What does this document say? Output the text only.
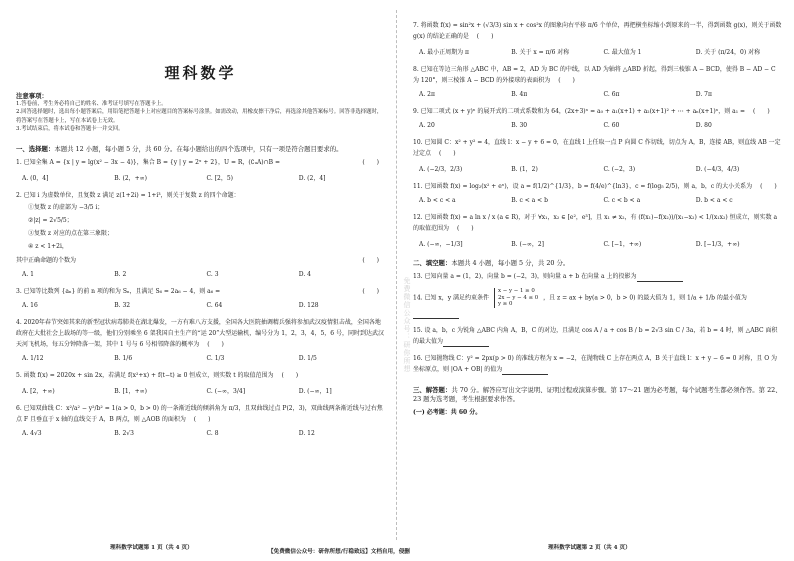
理科数学
注意事项：

1.答卷前，考生务必将自己的姓名、准考证号填写在答题卡上。

2.回答选择题时，选出每小题答案后，用铅笔把答题卡上对应题目的答案标号涂黑。如需改动，用橡皮擦干净后，再选涂其他答案标号。回答非选择题时，将答案写在答题卡上，写在本试卷上无效。

3.考试结束后，将本试卷和答题卡一并交回。

一、选择题：本题共 12 小题，每小题 5 分，共 60 分。在每小题给出的四个选项中，只有一项是符合题目要求的。
1. 已知全集 A = {x | y = lg(x² − 3x − 4)}，集合 B = {y | y = 2ˣ + 2}，U = R，(∁ᵤA)∩B =	(　　)
A. (0，4]	B. (2，+∞)	C. [2，5)	D. (2，4]
2. 已知 i 为虚数单位，且复数 z 满足 z(1+2i) = 1+i³，则关于复数 z 的四个命题：
①复数 z 的虚部为 −3/5 i；
②|z| = 2√5/5；
③复数 z 对应的点在第三象限；
④ z < 1+2i，
其中正确命题的个数为	(　　)
A. 1	B. 2	C. 3	D. 4
3. 已知等比数列 {aₙ} 的前 n 项的和为 Sₙ，且满足 S₆ = 2a₆ − 4，则 a₆ =	(　　)
A. 16	B. 32	C. 64	D. 128
4. 2020年春节突如其来的新型冠状病毒肺炎在湖北爆发，一方有难八方支援，全国各大医院抽调精兵强将参加武汉疫情狙击战，全国各地政府在大批社会上载场的等一级，他们分别乘坐 6 架我国自主生产的“运 20”大型运输机，编号分为 1，2，3，4，5，6 号，同时到达武汉天河飞机场，每五分钟降落一架，其中 1 号与 6 号相邻降落的概率为 (　　)
A. 1/12	B. 1/6	C. 1/3	D. 1/5
5. 函数 f(x) = 2020x + sin 2x，若满足 f(x²+x) + f(t−t) ≥ 0 恒成立，则实数 t 的取值范围为 (　　)
A. [2，+∞)	B. [1，+∞)	C. (−∞，3/4]	D. (−∞，1]
6. 已知双曲线 C：x²/a² − y²/b² = 1(a > 0，b > 0) 的一条渐近线的倾斜角为 π/3，且双曲线过点 P(2，3)，双曲线两条渐近线与过右焦点 F 且垂直于 x 轴的直线交于 A，B 两点，则 △AOB 的面积为 (　　)
A. 4√3	B. 2√3	C. 8	D. 12
免费微信公众号：研你所想
7. 将函数 f(x) = sin²x + (√3/3) sin x + cos²x 的图象向右平移 π/6 个单位，再把横坐标缩小到原来的一半，得到函数 g(x)，则关于函数 g(x) 的结论正确的是 (　　)
A. 最小正周期为 π	B. 关于 x = π/6 对称	C. 最大值为 1	D. 关于 (π/24，0) 对称
8. 已知在等边三角形 △ABC 中，AB = 2，AD 为 BC 的中线，以 AD 为轴将 △ABD 折起，得到三棱锥 A − BCD，使得 B − AD − C 为 120°，则三棱锥 A − BCD 的外接球的表面积为 (　　)
A. 2π	B. 4π	C. 6π	D. 7π
9. 已知二项式 (x + y)ⁿ 的展开式的二项式系数和为 64，(2x+3)ⁿ = a₀ + a₁(x+1) + a₂(x+1)² + ⋯ + aₙ(x+1)ⁿ，则 a₁ = (　　)
A. 20	B. 30	C. 60	D. 80
10. 已知圆 C：x² + y² = 4，直线 l：x − y + 6 = 0，在直线 l 上任取一点 P 向圆 C 作切线，切点为 A，B，连接 AB，则直线 AB 一定过定点 (　　)
A. (−2/3，2/3)	B. (1，2)	C. (−2，3)	D. (−4/3，4/3)
11. 已知函数 f(x) = log₂(x² + eˣ)，设 a = f(1/2)^{1/3}，b = f(4/e)^{ln3}，c = f(log₅ 2/5)，则 a，b，c 的大小关系为 (　　)
A. b < c < a	B. c < a < b	C. c < b < a	D. b < a < c
12. 已知函数 f(x) = a ln x / x (a ∈ R)，对于 ∀x₁，x₂ ∈ [e²，e³]，且 x₁ ≠ x₂，有 (f(x₁)−f(x₂))/(x₁−x₂) < 1/(x₁x₂) 恒成立，则实数 a 的取值范围为 (　　)
A. (−∞，−1/3]	B. (−∞，2]	C. [−1，+∞)	D. [−1/3，+∞)
二、填空题：本题共 4 小题，每小题 5 分，共 20 分。
13. 已知向量 a = (1，2)，向量 b = (−2，3)，则向量 a + b 在向量 a 上的投影为
14. 已知 x，y 满足约束条件
x − y − 1 ≥ 0
2x − y − 4 ≤ 0
y ≥ 0
，且 z = ax + by(a > 0，b > 0) 的最大值为 1，则 1/a + 1/b 的最小值为
15. 设 a，b，c 为锐角 △ABC 内角 A，B，C 的对边，且满足 cos A / a + cos B / b = 2√3 sin C / 3a，若 b = 4 时，则 △ABC 面积的最大值为
16. 已知抛物线 C：y² = 2px(p > 0) 的准线方程为 x = −2，在抛物线 C 上存在两点 A，B 关于直线 l：x + y − 6 = 0 对称，且 O 为坐标原点，则 |OA + OB| 的值为
三、解答题：共 70 分。解答应写出文字说明、证明过程或演算步骤。第 17～21 题为必考题，每个试题考生都必须作答。第 22、23 题为选考题，考生根据要求作答。
(一) 必考题：共 60 分。
理科数学试题第 1 页（共 4 页）	理科数学试题第 2 页（共 4 页）
【免费微信公众号：研你所想/行稳致远】文档自用，侵删
